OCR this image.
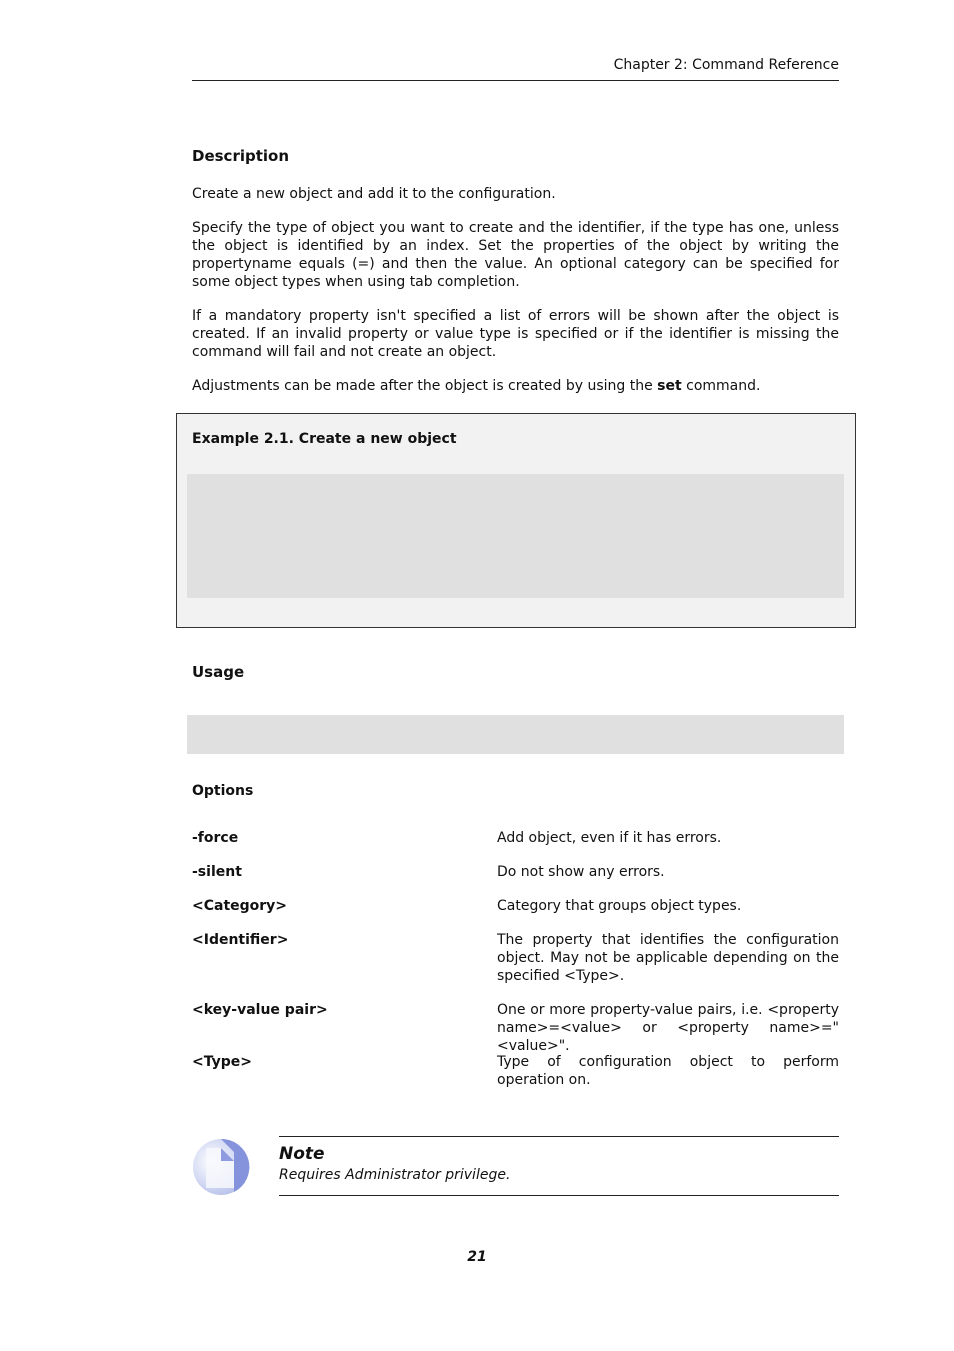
Chapter 2: Command Reference
Description
Create a new object and add it to the configuration.
Specify the type of object you want to create and the identifier, if the type has one, unless the object is identified by an index. Set the properties of the object by writing the propertyname equals (=) and then the value. An optional category can be specified for some object types when using tab completion.
If a mandatory property isn't specified a list of errors will be shown after the object is created. If an invalid property or value type is specified or if the identifier is missing the command will fail and not create an object.
Adjustments can be made after the object is created by using the set command.
Example 2.1. Create a new object
Usage
Options
-force	Add object, even if it has errors.
-silent	Do not show any errors.
<Category>	Category that groups object types.
<Identifier>	The property that identifies the configuration object. May not be applicable depending on the specified <Type>.
<key-value pair>	One or more property-value pairs, i.e. <property name>=<value> or <property name>="<value>".
<Type>	Type of configuration object to perform operation on.
Note
Requires Administrator privilege.
21
